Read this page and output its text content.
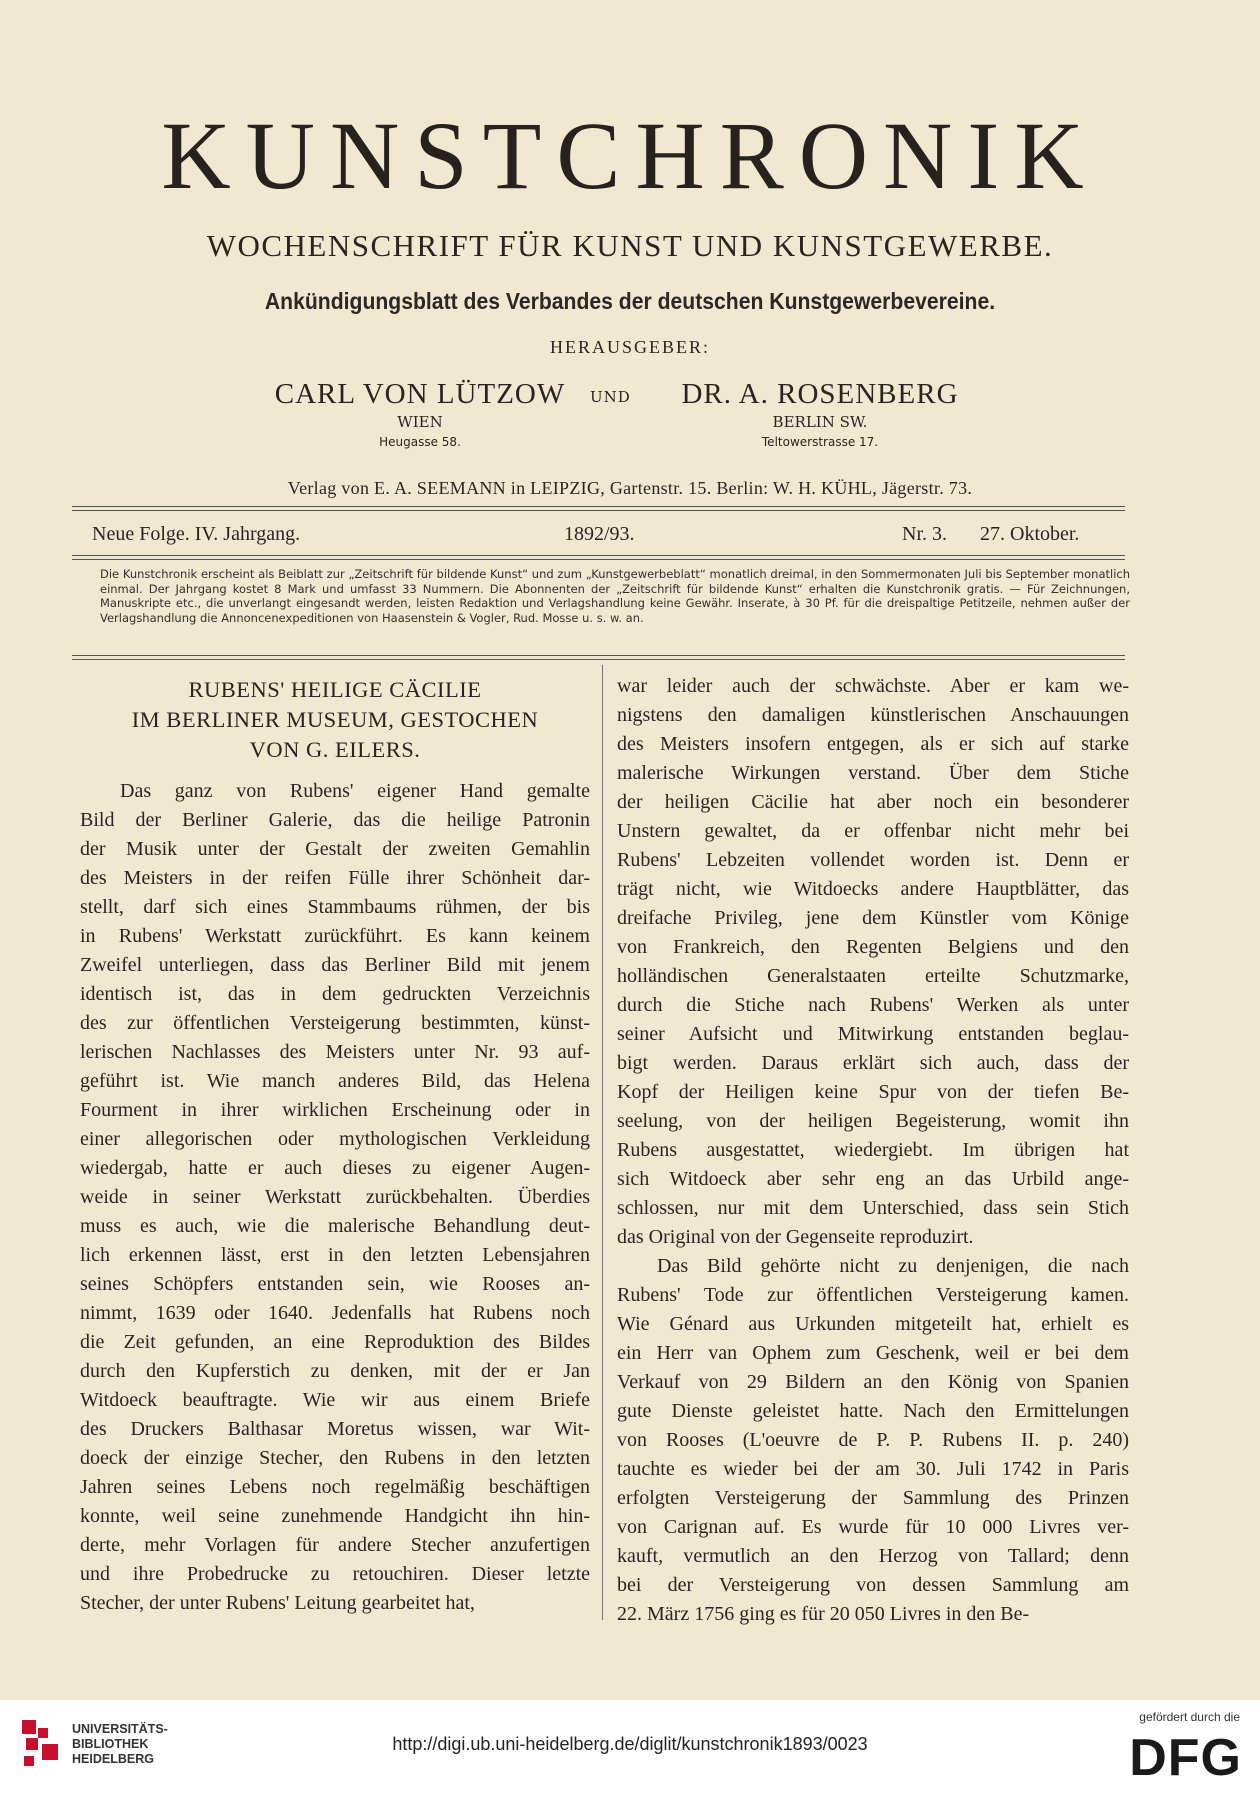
KUNSTCHRONIK
WOCHENSCHRIFT FÜR KUNST UND KUNSTGEWERBE.
Ankündigungsblatt des Verbandes der deutschen Kunstgewerbevereine.
HERAUSGEBER:
CARL VON LÜTZOW
WIEN
Heugasse 58.
UND	DR. A. ROSENBERG
BERLIN SW.
Teltowerstrasse 17.
Verlag von E. A. SEEMANN in LEIPZIG, Gartenstr. 15. Berlin: W. H. KÜHL, Jägerstr. 73.
Neue Folge. IV. Jahrgang.	1892/93.	Nr. 3. 27. Oktober.
Die Kunstchronik erscheint als Beiblatt zur „Zeitschrift für bildende Kunst“ und zum „Kunstgewerbeblatt“ monatlich dreimal, in den Sommermonaten Juli bis September monatlich einmal. Der Jahrgang kostet 8 Mark und umfasst 33 Nummern. Die Abonnenten der „Zeitschrift für bildende Kunst“ erhalten die Kunstchronik gratis. — Für Zeichnungen, Manuskripte etc., die unverlangt eingesandt werden, leisten Redaktion und Verlagshandlung keine Gewähr. Inserate, à 30 Pf. für die dreispaltige Petitzeile, nehmen außer der Verlagshandlung die Annoncenexpeditionen von Haasenstein & Vogler, Rud. Mosse u. s. w. an.
RUBENS' HEILIGE CÄCILIE
IM BERLINER MUSEUM, GESTOCHEN
VON G. EILERS.
Das ganz von Rubens' eigener Hand gemalte
Bild der Berliner Galerie, das die heilige Patronin
der Musik unter der Gestalt der zweiten Gemahlin
des Meisters in der reifen Fülle ihrer Schönheit dar-
stellt, darf sich eines Stammbaums rühmen, der bis
in Rubens' Werkstatt zurückführt. Es kann keinem
Zweifel unterliegen, dass das Berliner Bild mit jenem
identisch ist, das in dem gedruckten Verzeichnis
des zur öffentlichen Versteigerung bestimmten, künst-
lerischen Nachlasses des Meisters unter Nr. 93 auf-
geführt ist. Wie manch anderes Bild, das Helena
Fourment in ihrer wirklichen Erscheinung oder in
einer allegorischen oder mythologischen Verkleidung
wiedergab, hatte er auch dieses zu eigener Augen-
weide in seiner Werkstatt zurückbehalten. Überdies
muss es auch, wie die malerische Behandlung deut-
lich erkennen lässt, erst in den letzten Lebensjahren
seines Schöpfers entstanden sein, wie Rooses an-
nimmt, 1639 oder 1640. Jedenfalls hat Rubens noch
die Zeit gefunden, an eine Reproduktion des Bildes
durch den Kupferstich zu denken, mit der er Jan
Witdoeck beauftragte. Wie wir aus einem Briefe
des Druckers Balthasar Moretus wissen, war Wit-
doeck der einzige Stecher, den Rubens in den letzten
Jahren seines Lebens noch regelmäßig beschäftigen
konnte, weil seine zunehmende Handgicht ihn hin-
derte, mehr Vorlagen für andere Stecher anzufertigen
und ihre Probedrucke zu retouchiren. Dieser letzte
Stecher, der unter Rubens' Leitung gearbeitet hat,
war leider auch der schwächste. Aber er kam we-
nigstens den damaligen künstlerischen Anschauungen
des Meisters insofern entgegen, als er sich auf starke
malerische Wirkungen verstand. Über dem Stiche
der heiligen Cäcilie hat aber noch ein besonderer
Unstern gewaltet, da er offenbar nicht mehr bei
Rubens' Lebzeiten vollendet worden ist. Denn er
trägt nicht, wie Witdoecks andere Hauptblätter, das
dreifache Privileg, jene dem Künstler vom Könige
von Frankreich, den Regenten Belgiens und den
holländischen Generalstaaten erteilte Schutzmarke,
durch die Stiche nach Rubens' Werken als unter
seiner Aufsicht und Mitwirkung entstanden beglau-
bigt werden. Daraus erklärt sich auch, dass der
Kopf der Heiligen keine Spur von der tiefen Be-
seelung, von der heiligen Begeisterung, womit ihn
Rubens ausgestattet, wiedergiebt. Im übrigen hat
sich Witdoeck aber sehr eng an das Urbild ange-
schlossen, nur mit dem Unterschied, dass sein Stich
das Original von der Gegenseite reproduzirt.
Das Bild gehörte nicht zu denjenigen, die nach
Rubens' Tode zur öffentlichen Versteigerung kamen.
Wie Génard aus Urkunden mitgeteilt hat, erhielt es
ein Herr van Ophem zum Geschenk, weil er bei dem
Verkauf von 29 Bildern an den König von Spanien
gute Dienste geleistet hatte. Nach den Ermittelungen
von Rooses (L'oeuvre de P. P. Rubens II. p. 240)
tauchte es wieder bei der am 30. Juli 1742 in Paris
erfolgten Versteigerung der Sammlung des Prinzen
von Carignan auf. Es wurde für 10 000 Livres ver-
kauft, vermutlich an den Herzog von Tallard; denn
bei der Versteigerung von dessen Sammlung am
22. März 1756 ging es für 20 050 Livres in den Be-
UNIVERSITÄTS-
BIBLIOTHEK
HEIDELBERG
http://digi.ub.uni-heidelberg.de/diglit/kunstchronik1893/0023
gefördert durch die
DFG
